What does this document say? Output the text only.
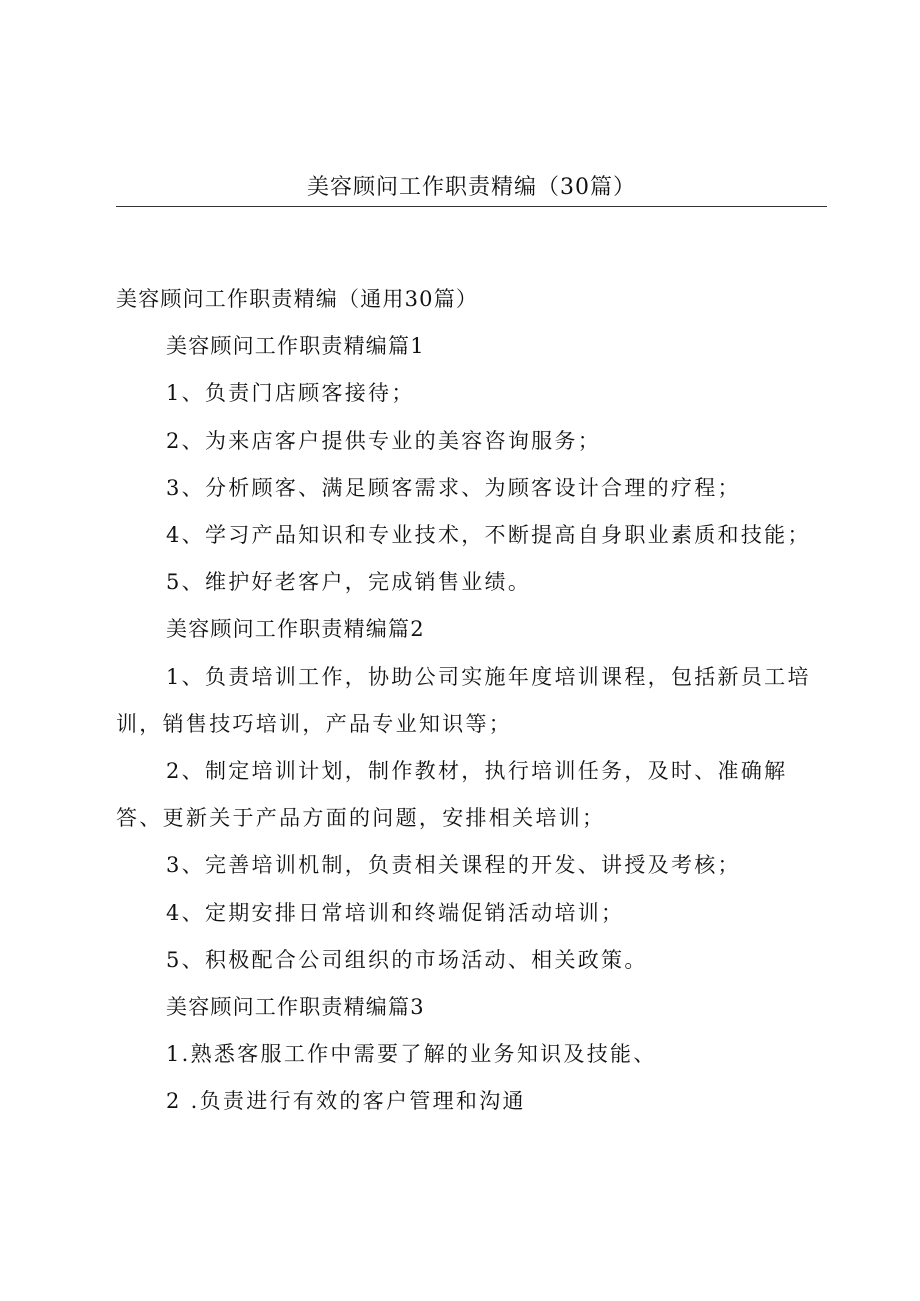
美容顾问工作职责精编（30篇）

美容顾问工作职责精编（通用30篇）

美容顾问工作职责精编篇1

1、负责门店顾客接待；

2、为来店客户提供专业的美容咨询服务；

3、分析顾客、满足顾客需求、为顾客设计合理的疗程；

4、学习产品知识和专业技术，不断提高自身职业素质和技能；

5、维护好老客户，完成销售业绩。

美容顾问工作职责精编篇2

1、负责培训工作，协助公司实施年度培训课程，包括新员工培

训，销售技巧培训，产品专业知识等；

2、制定培训计划，制作教材，执行培训任务，及时、准确解

答、更新关于产品方面的问题，安排相关培训；

3、完善培训机制，负责相关课程的开发、讲授及考核；

4、定期安排日常培训和终端促销活动培训；

5、积极配合公司组织的市场活动、相关政策。

美容顾问工作职责精编篇3

1.熟悉客服工作中需要了解的业务知识及技能、

2 .负责进行有效的客户管理和沟通
